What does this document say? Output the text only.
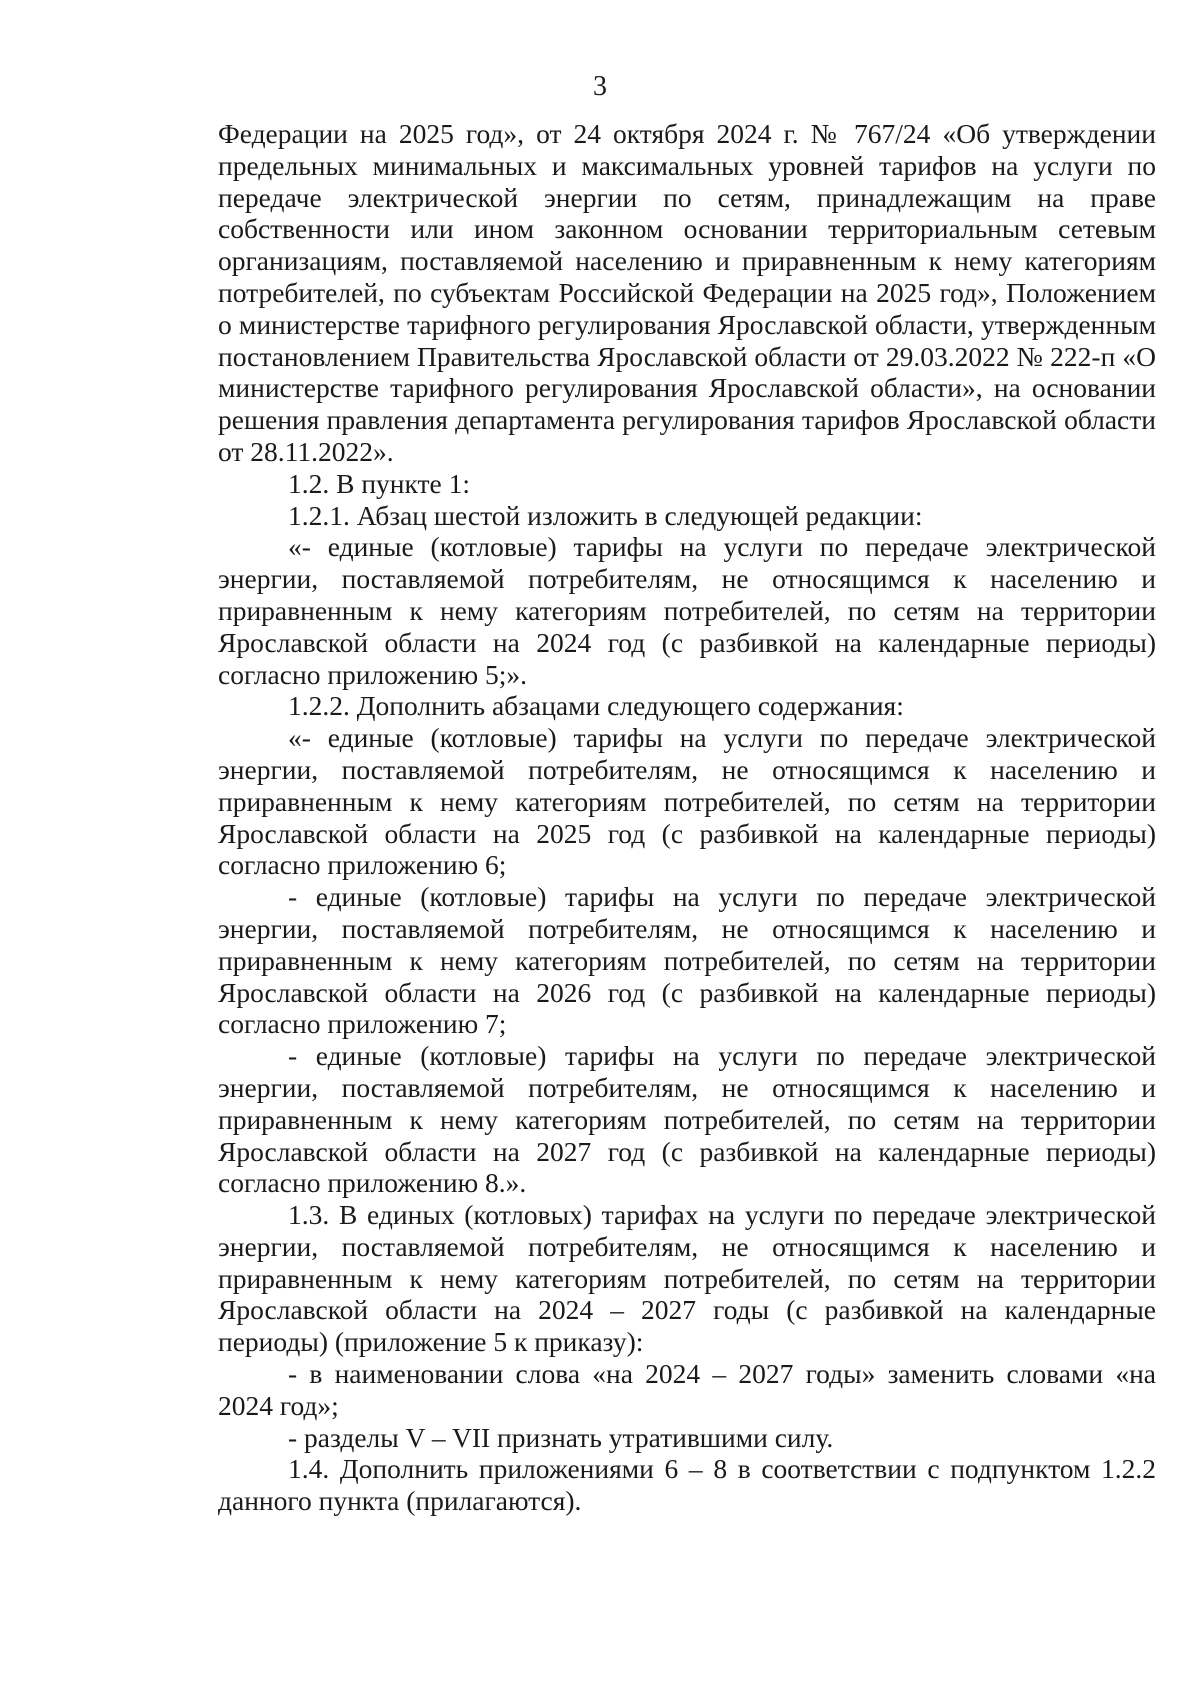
3

Федерации на 2025 год», от 24 октября 2024 г. № 767/24 «Об утверждении предельных минимальных и максимальных уровней тарифов на услуги по передаче электрической энергии по сетям, принадлежащим на праве собственности или ином законном основании территориальным сетевым организациям, поставляемой населению и приравненным к нему категориям потребителей, по субъектам Российской Федерации на 2025 год», Положением о министерстве тарифного регулирования Ярославской области, утвержденным постановлением Правительства Ярославской области от 29.03.2022 № 222-п «О министерстве тарифного регулирования Ярославской области», на основании решения правления департамента регулирования тарифов Ярославской области от 28.11.2022».

1.2. В пункте 1:

1.2.1. Абзац шестой изложить в следующей редакции:

«- единые (котловые) тарифы на услуги по передаче электрической энергии, поставляемой потребителям, не относящимся к населению и приравненным к нему категориям потребителей, по сетям на территории Ярославской области на 2024 год (с разбивкой на календарные периоды) согласно приложению 5;».

1.2.2. Дополнить абзацами следующего содержания:

«- единые (котловые) тарифы на услуги по передаче электрической энергии, поставляемой потребителям, не относящимся к населению и приравненным к нему категориям потребителей, по сетям на территории Ярославской области на 2025 год (с разбивкой на календарные периоды) согласно приложению 6;

- единые (котловые) тарифы на услуги по передаче электрической энергии, поставляемой потребителям, не относящимся к населению и приравненным к нему категориям потребителей, по сетям на территории Ярославской области на 2026 год (с разбивкой на календарные периоды) согласно приложению 7;

- единые (котловые) тарифы на услуги по передаче электрической энергии, поставляемой потребителям, не относящимся к населению и приравненным к нему категориям потребителей, по сетям на территории Ярославской области на 2027 год (с разбивкой на календарные периоды) согласно приложению 8.».

1.3. В единых (котловых) тарифах на услуги по передаче электрической энергии, поставляемой потребителям, не относящимся к населению и приравненным к нему категориям потребителей, по сетям на территории Ярославской области на 2024 – 2027 годы (с разбивкой на календарные периоды) (приложение 5 к приказу):

- в наименовании слова «на 2024 – 2027 годы» заменить словами «на 2024 год»;

- разделы V – VII признать утратившими силу.

1.4. Дополнить приложениями 6 – 8 в соответствии с подпунктом 1.2.2 данного пункта (прилагаются).
